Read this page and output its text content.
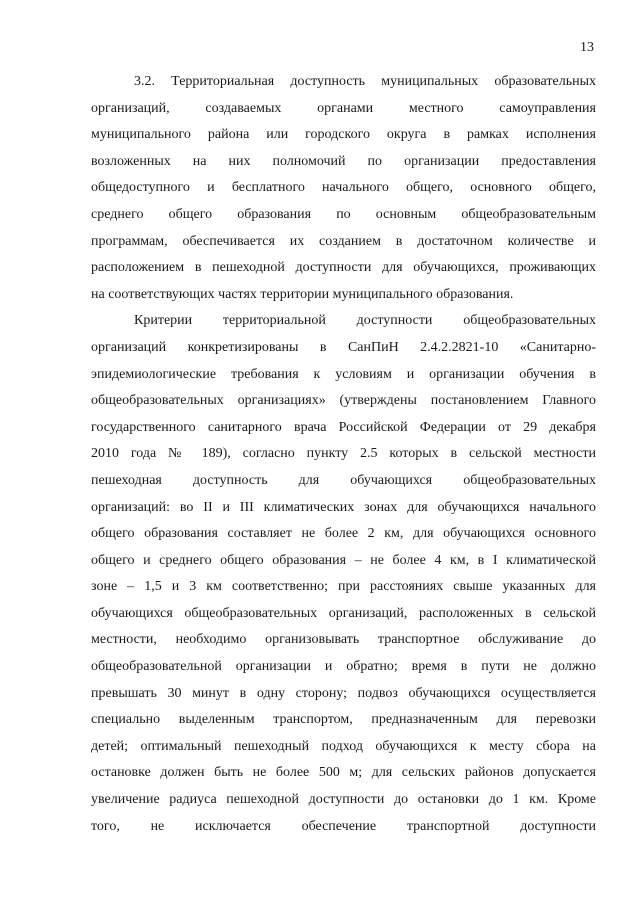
13
3.2. Территориальная доступность муниципальных образовательных
организаций, создаваемых органами местного самоуправления
муниципального района или городского округа в рамках исполнения
возложенных на них полномочий по организации предоставления
общедоступного и бесплатного начального общего, основного общего,
среднего общего образования по основным общеобразовательным
программам, обеспечивается их созданием в достаточном количестве и
расположением в пешеходной доступности для обучающихся, проживающих
на соответствующих частях территории муниципального образования.
Критерии территориальной доступности общеобразовательных
организаций конкретизированы в СанПиН 2.4.2.2821-10 «Санитарно-
эпидемиологические требования к условиям и организации обучения в
общеобразовательных организациях» (утверждены постановлением Главного
государственного санитарного врача Российской Федерации от 29 декабря
2010 года № 189), согласно пункту 2.5 которых в сельской местности
пешеходная доступность для обучающихся общеобразовательных
организаций: во II и III климатических зонах для обучающихся начального
общего образования составляет не более 2 км, для обучающихся основного
общего и среднего общего образования – не более 4 км, в I климатической
зоне – 1,5 и 3 км соответственно; при расстояниях свыше указанных для
обучающихся общеобразовательных организаций, расположенных в сельской
местности, необходимо организовывать транспортное обслуживание до
общеобразовательной организации и обратно; время в пути не должно
превышать 30 минут в одну сторону; подвоз обучающихся осуществляется
специально выделенным транспортом, предназначенным для перевозки
детей; оптимальный пешеходный подход обучающихся к месту сбора на
остановке должен быть не более 500 м; для сельских районов допускается
увеличение радиуса пешеходной доступности до остановки до 1 км. Кроме
того, не исключается обеспечение транспортной доступности
